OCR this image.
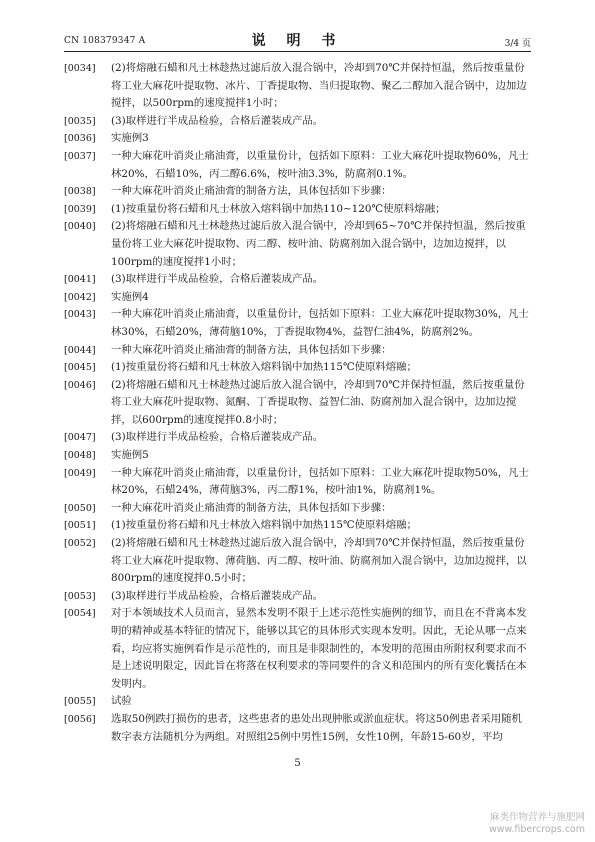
CN 108379347 A	说 明 书	3/4 页
[0034]	(2)将熔融石蜡和凡士林趁热过滤后放入混合锅中，冷却到70℃并保持恒温，然后按重量份将工业大麻花叶提取物、冰片、丁香提取物、当归提取物、聚乙二醇加入混合锅中，边加边搅拌，以500rpm的速度搅拌1小时；
[0035]	(3)取样进行半成品检验，合格后灌装成产品。
[0036]	实施例3
[0037]	一种大麻花叶消炎止痛油膏，以重量份计，包括如下原料：工业大麻花叶提取物60%，凡士林20%，石蜡10%，丙二醇6.6%，桉叶油3.3%，防腐剂0.1%。
[0038]	一种大麻花叶消炎止痛油膏的制备方法，具体包括如下步骤：
[0039]	(1)按重量份将石蜡和凡士林放入熔料锅中加热110~120℃使原料熔融；
[0040]	(2)将熔融石蜡和凡士林趁热过滤后放入混合锅中，冷却到65~70℃并保持恒温，然后按重量份将工业大麻花叶提取物、丙二醇、桉叶油、防腐剂加入混合锅中，边加边搅拌，以100rpm的速度搅拌1小时；
[0041]	(3)取样进行半成品检验，合格后灌装成产品。
[0042]	实施例4
[0043]	一种大麻花叶消炎止痛油膏，以重量份计，包括如下原料：工业大麻花叶提取物30%，凡士林30%，石蜡20%，薄荷脑10%，丁香提取物4%，益智仁油4%，防腐剂2%。
[0044]	一种大麻花叶消炎止痛油膏的制备方法，具体包括如下步骤：
[0045]	(1)按重量份将石蜡和凡士林放入熔料锅中加热115℃使原料熔融；
[0046]	(2)将熔融石蜡和凡士林趁热过滤后放入混合锅中，冷却到70℃并保持恒温，然后按重量份将工业大麻花叶提取物、氮酮、丁香提取物、益智仁油、防腐剂加入混合锅中，边加边搅拌，以600rpm的速度搅拌0.8小时；
[0047]	(3)取样进行半成品检验，合格后灌装成产品。
[0048]	实施例5
[0049]	一种大麻花叶消炎止痛油膏，以重量份计，包括如下原料：工业大麻花叶提取物50%，凡士林20%，石蜡24%，薄荷脑3%，丙二醇1%，桉叶油1%，防腐剂1%。
[0050]	一种大麻花叶消炎止痛油膏的制备方法，具体包括如下步骤：
[0051]	(1)按重量份将石蜡和凡士林放入熔料锅中加热115℃使原料熔融；
[0052]	(2)将熔融石蜡和凡士林趁热过滤后放入混合锅中，冷却到70℃并保持恒温，然后按重量份将工业大麻花叶提取物、薄荷脑、丙二醇、桉叶油、防腐剂加入混合锅中，边加边搅拌，以800rpm的速度搅拌0.5小时；
[0053]	(3)取样进行半成品检验，合格后灌装成产品。
[0054]	对于本领域技术人员而言，显然本发明不限于上述示范性实施例的细节，而且在不背离本发明的精神或基本特征的情况下，能够以其它的具体形式实现本发明。因此，无论从哪一点来看，均应将实施例看作是示范性的，而且是非限制性的，本发明的范围由所附权利要求而不是上述说明限定，因此旨在将落在权利要求的等同要件的含义和范围内的所有变化囊括在本发明内。
[0055]	试验
[0056]	选取50例跌打损伤的患者，这些患者的患处出现肿胀或淤血症状。将这50例患者采用随机数字表方法随机分为两组。对照组25例中男性15例，女性10例，年龄15-60岁，平均
5
麻类作物营养与施肥网
www.fibercrops.com
